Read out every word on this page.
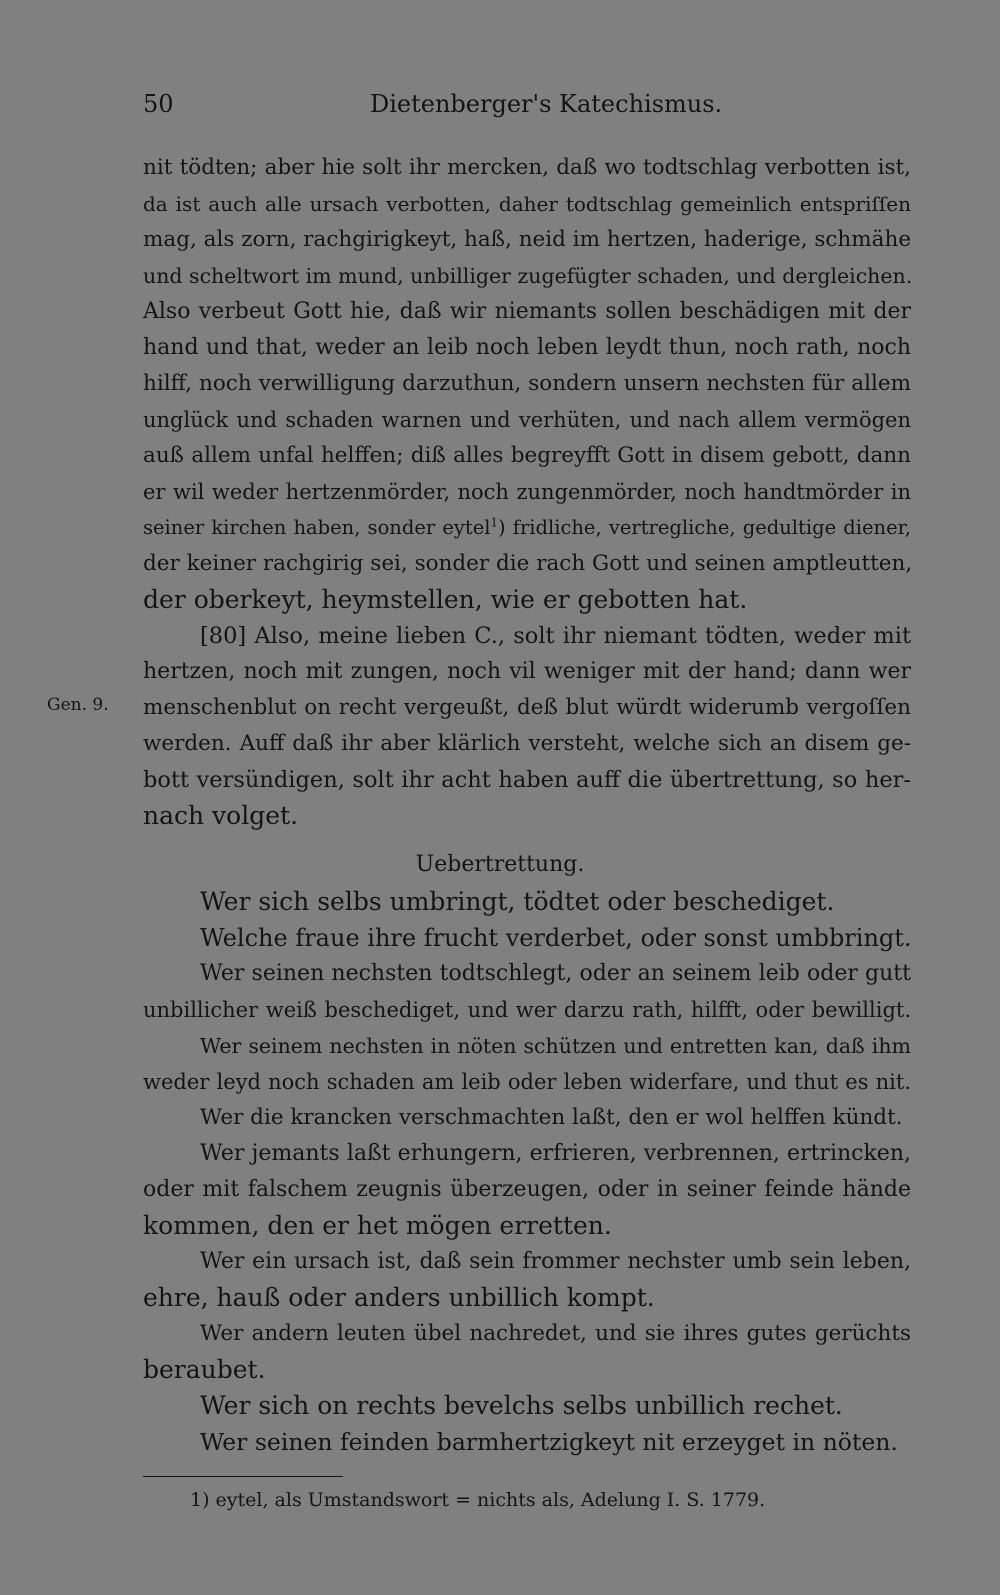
50	Dietenberger's Katechismus.
Gen. 9.
nit tödten; aber hie solt ihr mercken, daß wo todtschlag verbotten ist,
da ist auch alle ursach verbotten, daher todtschlag gemeinlich entspriſſen
mag, als zorn, rachgirigkeyt, haß, neid im hertzen, haderige, schmähe
und scheltwort im mund, unbilliger zugefügter schaden, und dergleichen.
Also verbeut Gott hie, daß wir niemants sollen beschädigen mit der
hand und that, weder an leib noch leben leydt thun, noch rath, noch
hilff, noch verwilligung darzuthun, sondern unsern nechsten für allem
unglück und schaden warnen und verhüten, und nach allem vermögen
auß allem unfal helffen; diß alles begreyfft Gott in disem gebott, dann
er wil weder hertzenmörder, noch zungenmörder, noch handtmörder in
seiner kirchen haben, sonder eytel$^1$) fridliche, vertregliche, gedultige diener,
der keiner rachgirig sei, sonder die rach Gott und seinen amptleutten,
der oberkeyt, heymstellen, wie er gebotten hat.
[80] Also, meine lieben C., solt ihr niemant tödten, weder mit
hertzen, noch mit zungen, noch vil weniger mit der hand; dann wer
menschenblut on recht vergeußt, deß blut würdt widerumb vergoſſen
werden. Auff daß ihr aber klärlich versteht, welche sich an disem ge-
bott versündigen, solt ihr acht haben auff die übertrettung, so her-
nach volget.
Uebertrettung.
Wer sich selbs umbringt, tödtet oder beschediget.
Welche fraue ihre frucht verderbet, oder sonst umbbringt.
Wer seinen nechsten todtschlegt, oder an seinem leib oder gutt
unbillicher weiß beschediget, und wer darzu rath, hilfft, oder bewilligt.
Wer seinem nechsten in nöten schützen und entretten kan, daß ihm
weder leyd noch schaden am leib oder leben widerfare, und thut es nit.
Wer die krancken verschmachten laßt, den er wol helffen kündt.
Wer jemants laßt erhungern, erfrieren, verbrennen, ertrincken,
oder mit falschem zeugnis überzeugen, oder in seiner feinde hände
kommen, den er het mögen erretten.
Wer ein ursach ist, daß sein frommer nechster umb sein leben,
ehre, hauß oder anders unbillich kompt.
Wer andern leuten übel nachredet, und sie ihres gutes gerüchts
beraubet.
Wer sich on rechts bevelchs selbs unbillich rechet.
Wer seinen feinden barmhertzigkeyt nit erzeyget in nöten.
1) eytel, als Umstandswort = nichts als, Adelung I. S. 1779.
